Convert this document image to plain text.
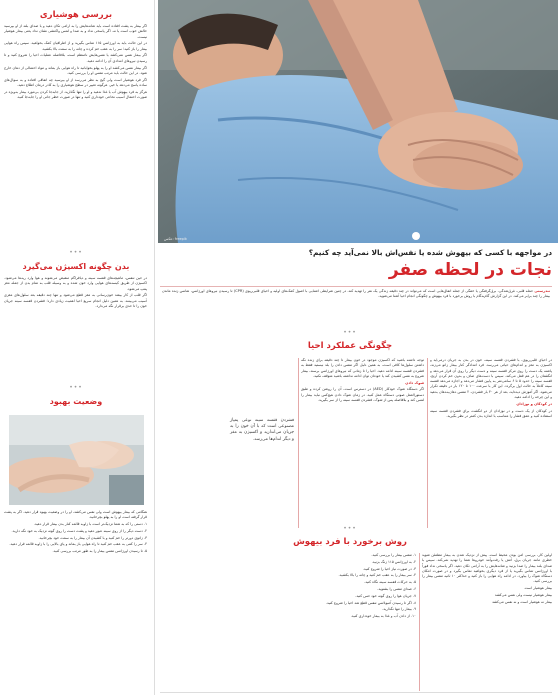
بررسی هوشیاری

اگر بیمار به پشت افتاده است باید شانه‌هایش را به آرامی تکان دهید و با صدای بلند از او بپرسید حالش خوب است یا نه. اگر پاسخی نداد و به صدا و لمس واکنشی نشان نداد یعنی بیمار هوشیار نیست.

در این حالت باید به اورژانس ۱۱۵ تماس بگیرید و از اطرافیان کمک بخواهید. سپس راه هوایی بیمار را باز کنید؛ سر را به عقب خم کرده و چانه را به سمت بالا بکشید.

اگر بیمار نفس نمی‌کشد یا نفس‌هایش نامنظم است، بلافاصله عملیات احیا را شروع کنید و تا رسیدن نیروهای امدادی آن را ادامه دهید.

اگر بیمار نفس می‌کشد او را به پهلو بخوابانید تا راه هوایی باز بماند و مواد احتمالی از دهان خارج شود. در این حالت باید مرتب تنفس او را بررسی کنید.

اگر فرد هوشیار است ولی گیج به نظر می‌رسد از او بپرسید چه اتفاقی افتاده و به سوال‌های ساده پاسخ می‌دهد یا خیر. هرگونه تغییر در سطح هوشیاری را به کادر درمان اطلاع دهید.

هرگز به فرد بیهوش آب یا غذا ندهید و او را تنها نگذارید. از جابه‌جا کردن بی‌مورد بیمار به‌ویژه در صورت احتمال آسیب نخاعی خودداری کنید و تنها در صورت خطر جانی او را جابه‌جا کنید.

•••
بدن چگونه اکسیژن می‌گیرد

در حین تنفس، ماهیچه‌های قفسه سینه و دیافراگم منقبض می‌شوند و هوا وارد ریه‌ها می‌شود. اکسیژن از طریق کیسه‌های هوایی وارد خون شده و به وسیله قلب به تمام بدن از جمله مغز پمپ می‌شود.

اگر قلب از کار بیفتد خون‌رسانی به مغز قطع می‌شود و تنها چند دقیقه بعد سلول‌های مغزی آسیب می‌بینند. به همین دلیل انجام سریع احیا اهمیت زیادی دارد؛ فشردن قفسه سینه جریان خون را تا حدی برقرار نگه می‌دارد.

•••
وضعیت بهبود

هنگامی که بیمار بیهوش است ولی نفس می‌کشد، او را در وضعیت بهبود قرار دهید. اگر به پشت قرار گرفته است او را به پهلو بچرخانید.

۱. دستی را که به شما نزدیک‌تر است با زاویه قائمه کنار بدن بیمار قرار دهید.

۲. دست دیگر را از روی سینه عبور دهید و پشت دست را روی گونه نزدیک به خود نگه دارید.

۳. زانوی دورتر را خم کنید و با کشیدن آن بیمار را به سمت خود بچرخانید.

۴. سر را کمی به عقب خم کنید تا راه هوایی باز بماند و پای بالایی را با زاویه قائمه قرار دهید.

۵. تا رسیدن اورژانس تنفس بیمار را به طور مرتب بررسی کنید.

عکس: freepik
در مواجهه با کسی که بیهوش شده یا نفس‌اش بالا نمی‌آید چه کنیم؟
نجات در لحظه صفر
تندرستی حمله قلبی، غرق‌شدگی، برق‌گرفتگی یا خفگی از جمله اتفاق‌هایی است که می‌تواند در چند دقیقه زندگی یک نفر را تهدید کند. در چنین شرایطی آشنایی با اصول کمک‌های اولیه و احیای قلبی‌ریوی (CPR) تا رسیدن نیروهای اورژانس، شانس زنده ماندن بیمار را چند برابر می‌کند. در این گزارش گام‌به‌گام با روش برخورد با فرد بیهوش و چگونگی انجام احیا آشنا می‌شوید.
•••
چگونگی عملکرد احیا

در احیای قلبی‌ریوی، با فشردن قفسه سینه، خون در بدن به جریان درمی‌آید و اکسیژن به مغز و اندام‌های حیاتی می‌رسد. فرد امدادگر کنار بیمار زانو می‌زند، پاشنه یک دست را روی مرکز قفسه سینه و دست دیگر را روی آن قرار می‌دهد و انگشتان را در هم قفل می‌کند. سپس با دست‌های صاف و بدون خم کردن آرنج، قفسه سینه را حدود ۵ تا ۶ سانتی‌متر به پایین فشار می‌دهد و اجازه می‌دهد قفسه سینه کاملاً به حالت اول برگردد. این کار با سرعت ۱۰۰ تا ۱۲۰ بار در دقیقه تکرار می‌شود. اگر آموزش دیده‌اید، بعد از هر ۳۰ بار فشردن، ۲ تنفس دهان‌به‌دهان بدهید و این چرخه را ادامه دهید.

در کودکان و نوزادان

در کودکان از یک دست و در نوزادان از دو انگشت برای فشردن قفسه سینه استفاده کنید و عمق فشار را متناسب با اندازه بدن کمتر در نظر بگیرید.

توجه داشته باشید که اکسیژن موجود در خون بیمار تا چند دقیقه برای زنده نگه داشتن سلول‌ها کافی است، به همین دلیل اگر تنفس دادن را بلد نیستید فقط به فشردن قفسه سینه ادامه دهید. احیا را تا زمانی که نیروهای اورژانس برسند، بیمار شروع به نفس کشیدن کند یا خودتان توان ادامه نداشته باشید متوقف نکنید.

شوک دادن

اگر دستگاه شوک خودکار (AED) در دسترس است، آن را روشن کرده و طبق دستورالعمل صوتی دستگاه عمل کنید. در زمان شوک دادن هیچ‌کس نباید بیمار را لمس کند و بلافاصله پس از شوک، فشردن قفسه سینه را از سر بگیرید.

فشردن قفسه سینه نوعی پمپاژ مصنوعی است که با آن خون را به جریان می‌اندازید و اکسیژن به مغز و دیگر اندام‌ها می‌رسد.
•••
روش برخورد با فرد بیهوش

اولین کار، بررسی امن بودن محیط است. پیش از نزدیک شدن به بیمار مطمئن شوید خطری مانند جریان برق، آتش یا رفت‌وآمد خودروها شما را تهدید نمی‌کند. سپس با صدای بلند بیمار را صدا بزنید و شانه‌هایش را به آرامی تکان دهید. اگر پاسخی نداد فوراً با اورژانس تماس بگیرید یا از فرد دیگری بخواهید تماس بگیرد و در صورت امکان دستگاه شوک را بیاورد. در ادامه راه هوایی را باز کنید و حداکثر ۱۰ ثانیه تنفس بیمار را بررسی کنید.

بیمار هوشیار است

بیمار هوشیار نیست ولی نفس می‌کشد

بیمار نه هوشیار است و نه نفس می‌کشد

۱. تنفس بیمار را بررسی کنید.

۲. به اورژانس ۱۱۵ زنگ بزنید.

۳. در صورت نیاز احیا را شروع کنید.

۴. سر بیمار را به عقب خم کنید و چانه را بالا بکشید.

۵. به حرکات قفسه سینه نگاه کنید.

۶. صدای تنفس را بشنوید.

۷. جریان هوا را روی گونه خود حس کنید.

۸. اگر تا رسیدن آمبولانس تنفس قطع شد احیا را شروع کنید.

۹. بیمار را تنها نگذارید.

۱۰. از دادن آب و غذا به بیمار خودداری کنید.
